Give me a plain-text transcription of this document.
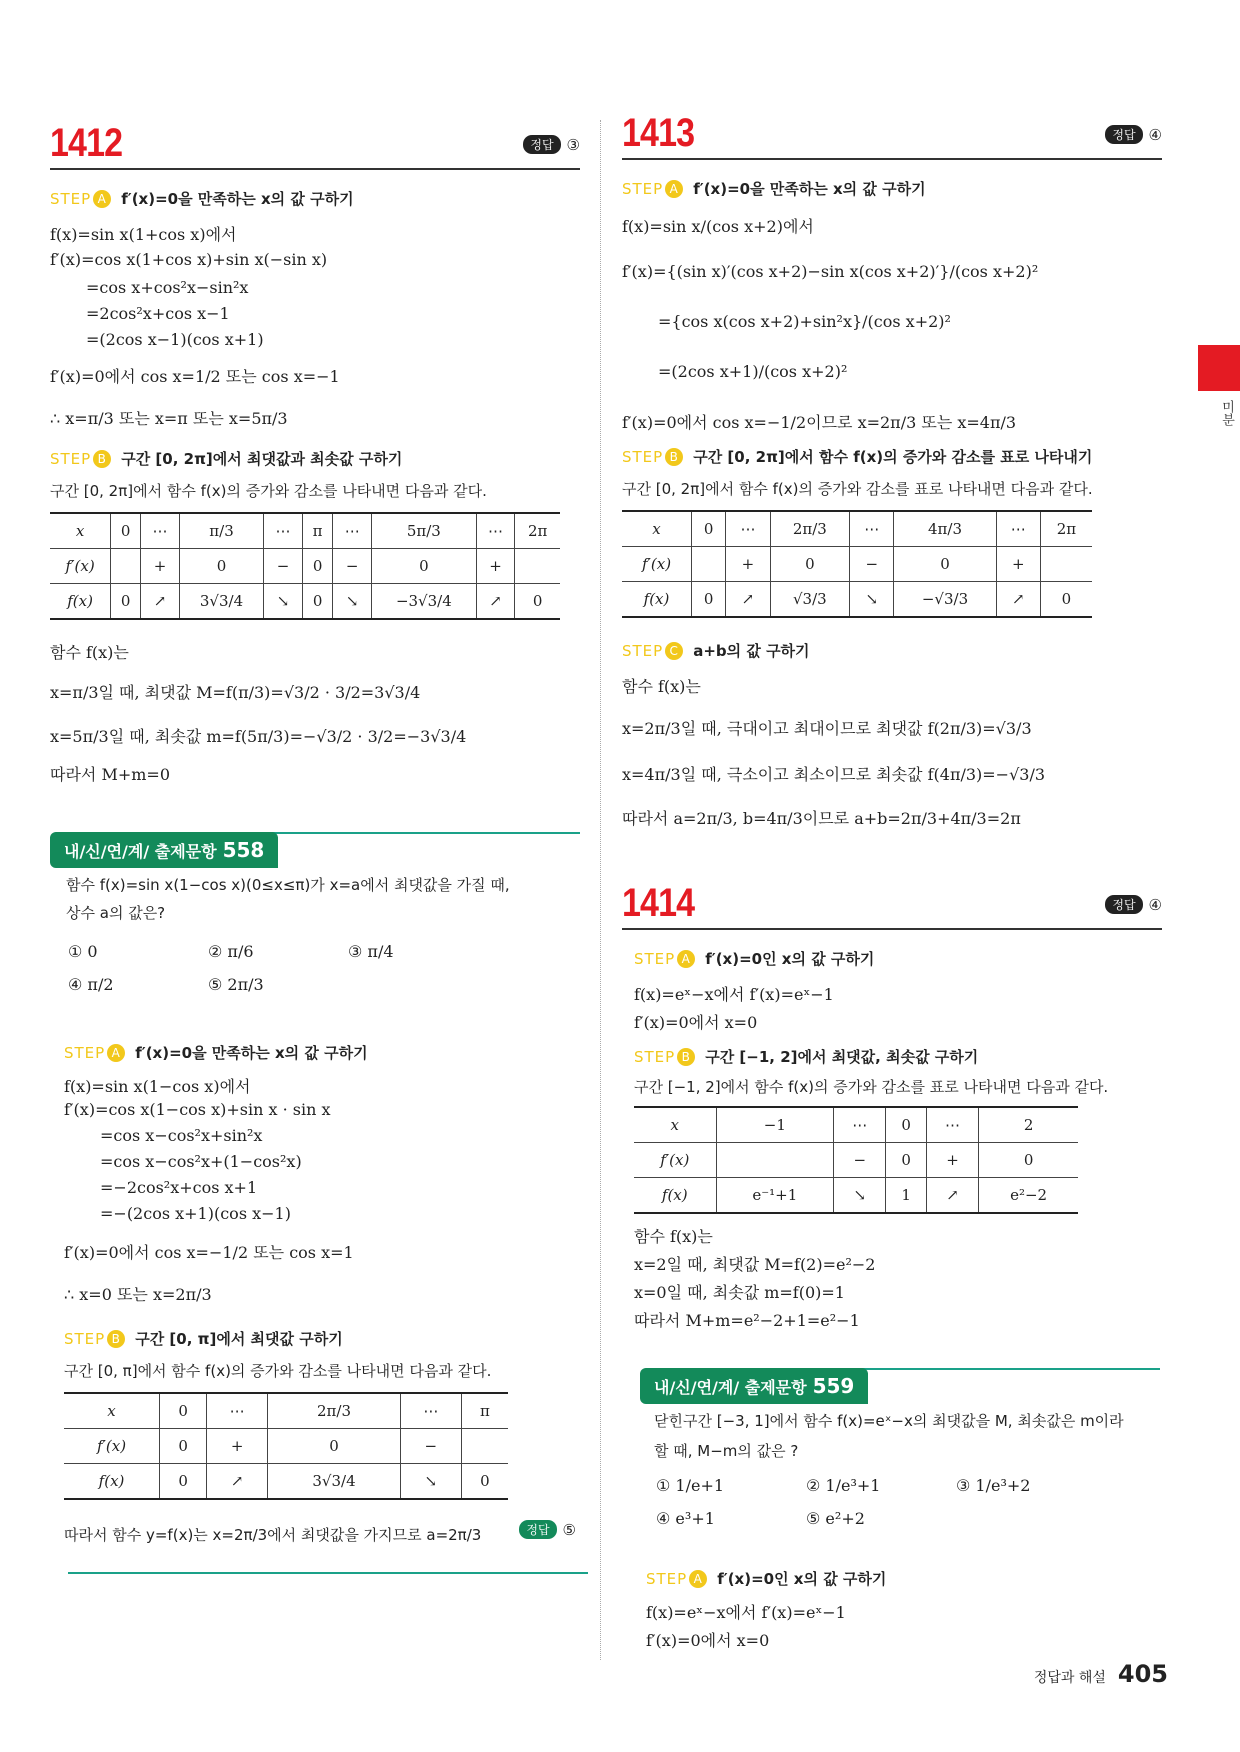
미분
1412	정답 ③
STEP A f′(x)=0을 만족하는 x의 값 구하기
f(x)=sin x(1+cos x)에서
f′(x)=cos x(1+cos x)+sin x(−sin x)
=cos x+cos²x−sin²x
=2cos²x+cos x−1
=(2cos x−1)(cos x+1)
f′(x)=0에서 cos x=1/2 또는 cos x=−1
∴ x=π/3 또는 x=π 또는 x=5π/3
STEP B 구간 [0, 2π]에서 최댓값과 최솟값 구하기
구간 [0, 2π]에서 함수 f(x)의 증가와 감소를 나타내면 다음과 같다.
x	0	⋯	π/3	⋯	π	⋯	5π/3	⋯	2π
f′(x)		+	0	−	0	−	0	+	
f(x)	0	↗	3√3/4	↘	0	↘	−3√3/4	↗	0
함수 f(x)는
x=π/3일 때, 최댓값 M=f(π/3)=√3/2 · 3/2=3√3/4
x=5π/3일 때, 최솟값 m=f(5π/3)=−√3/2 · 3/2=−3√3/4
따라서 M+m=0
내/신/연/계/ 출제문항 558
함수 f(x)=sin x(1−cos x)(0≤x≤π)가 x=a에서 최댓값을 가질 때,
상수 a의 값은?
① 0	② π/6	③ π/4
④ π/2	⑤ 2π/3
STEP A f′(x)=0을 만족하는 x의 값 구하기
f(x)=sin x(1−cos x)에서
f′(x)=cos x(1−cos x)+sin x · sin x
=cos x−cos²x+sin²x
=cos x−cos²x+(1−cos²x)
=−2cos²x+cos x+1
=−(2cos x+1)(cos x−1)
f′(x)=0에서 cos x=−1/2 또는 cos x=1
∴ x=0 또는 x=2π/3
STEP B 구간 [0, π]에서 최댓값 구하기
구간 [0, π]에서 함수 f(x)의 증가와 감소를 나타내면 다음과 같다.
x	0	⋯	2π/3	⋯	π
f′(x)	0	+	0	−	
f(x)	0	↗	3√3/4	↘	0
따라서 함수 y=f(x)는 x=2π/3에서 최댓값을 가지므로 a=2π/3	정답 ⑤
1413	정답 ④
STEP A f′(x)=0을 만족하는 x의 값 구하기
f(x)=sin x/(cos x+2)에서
f′(x)={(sin x)′(cos x+2)−sin x(cos x+2)′}/(cos x+2)²
={cos x(cos x+2)+sin²x}/(cos x+2)²
=(2cos x+1)/(cos x+2)²
f′(x)=0에서 cos x=−1/2이므로 x=2π/3 또는 x=4π/3
STEP B 구간 [0, 2π]에서 함수 f(x)의 증가와 감소를 표로 나타내기
구간 [0, 2π]에서 함수 f(x)의 증가와 감소를 표로 나타내면 다음과 같다.
x	0	⋯	2π/3	⋯	4π/3	⋯	2π
f′(x)		+	0	−	0	+	
f(x)	0	↗	√3/3	↘	−√3/3	↗	0
STEP C a+b의 값 구하기
함수 f(x)는
x=2π/3일 때, 극대이고 최대이므로 최댓값 f(2π/3)=√3/3
x=4π/3일 때, 극소이고 최소이므로 최솟값 f(4π/3)=−√3/3
따라서 a=2π/3, b=4π/3이므로 a+b=2π/3+4π/3=2π
1414	정답 ④
STEP A f′(x)=0인 x의 값 구하기
f(x)=eˣ−x에서 f′(x)=eˣ−1
f′(x)=0에서 x=0
STEP B 구간 [−1, 2]에서 최댓값, 최솟값 구하기
구간 [−1, 2]에서 함수 f(x)의 증가와 감소를 표로 나타내면 다음과 같다.
x	−1	⋯	0	⋯	2
f′(x)		−	0	+	0
f(x)	e⁻¹+1	↘	1	↗	e²−2
함수 f(x)는
x=2일 때, 최댓값 M=f(2)=e²−2
x=0일 때, 최솟값 m=f(0)=1
따라서 M+m=e²−2+1=e²−1
내/신/연/계/ 출제문항 559
닫힌구간 [−3, 1]에서 함수 f(x)=eˣ−x의 최댓값을 M, 최솟값은 m이라
할 때, M−m의 값은 ?
① 1/e+1	② 1/e³+1	③ 1/e³+2
④ e³+1	⑤ e²+2
STEP A f′(x)=0인 x의 값 구하기
f(x)=eˣ−x에서 f′(x)=eˣ−1
f′(x)=0에서 x=0
정답과 해설 405
